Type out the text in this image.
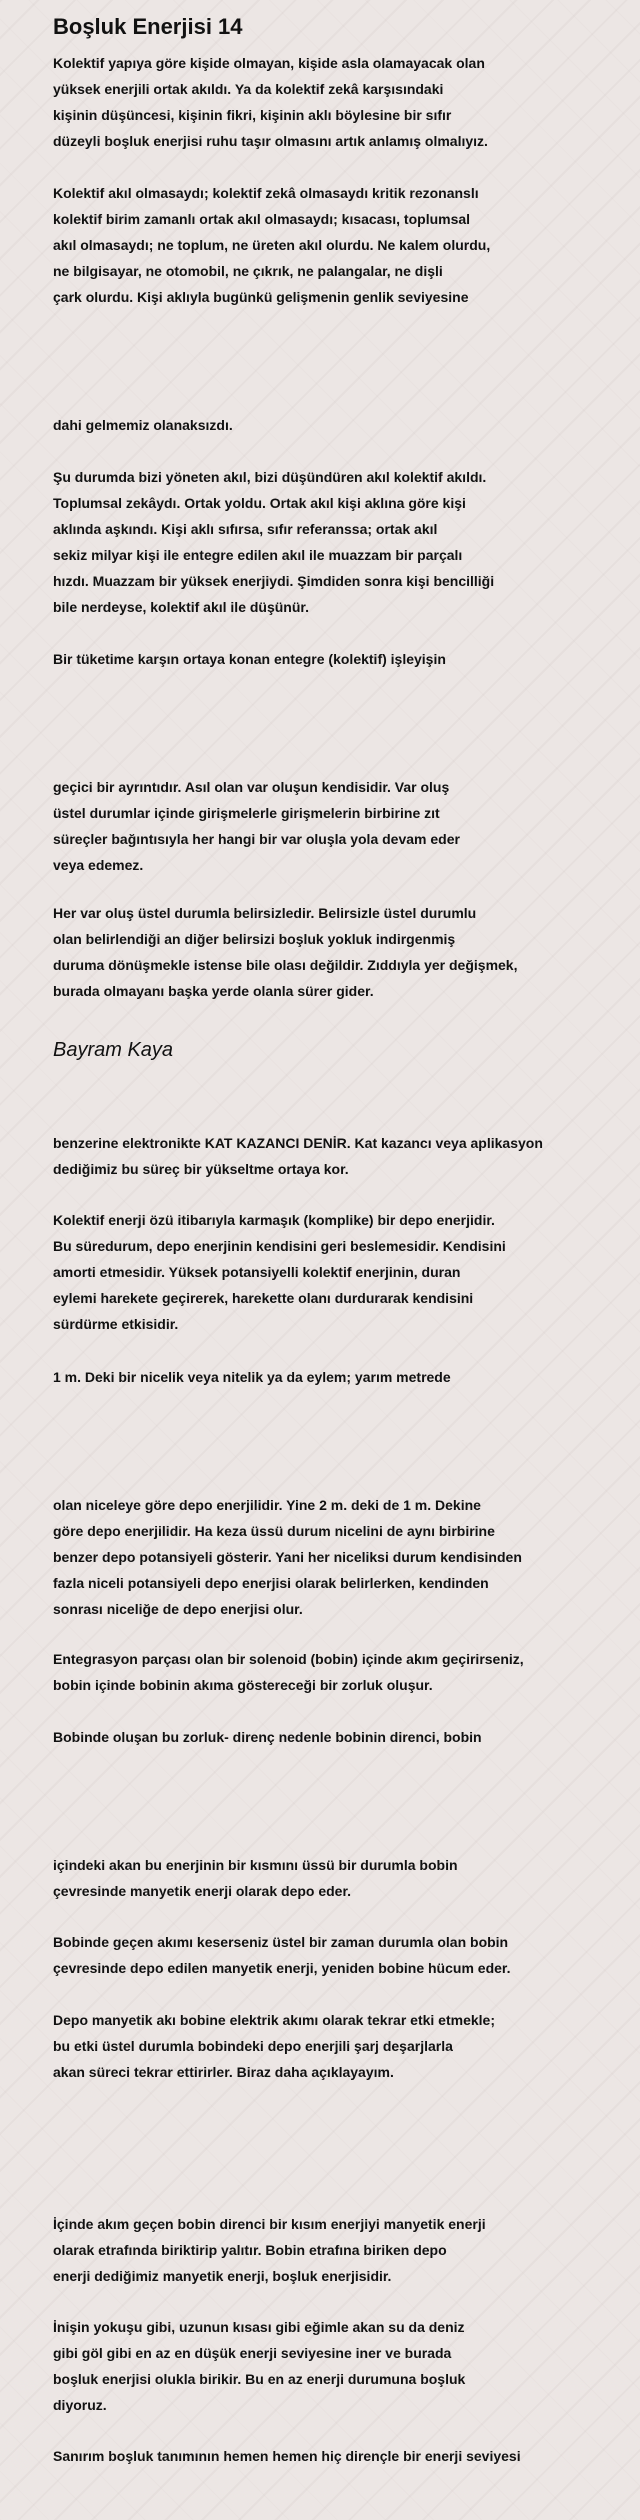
Boşluk Enerjisi 14

Kolektif yapıya göre kişide olmayan, kişide asla olamayacak olan
yüksek enerjili ortak akıldı. Ya da kolektif zekâ karşısındaki
kişinin düşüncesi, kişinin fikri, kişinin aklı böylesine bir sıfır
düzeyli boşluk enerjisi ruhu taşır olmasını artık anlamış olmalıyız.

Kolektif akıl olmasaydı; kolektif zekâ olmasaydı kritik rezonanslı
kolektif birim zamanlı ortak akıl olmasaydı; kısacası, toplumsal
akıl olmasaydı; ne toplum, ne üreten akıl olurdu. Ne kalem olurdu,
ne bilgisayar, ne otomobil, ne çıkrık, ne palangalar, ne dişli
çark olurdu. Kişi aklıyla bugünkü gelişmenin genlik seviyesine

dahi gelmemiz olanaksızdı.

Şu durumda bizi yöneten akıl, bizi düşündüren akıl kolektif akıldı.
Toplumsal zekâydı. Ortak yoldu. Ortak akıl kişi aklına göre kişi
aklında aşkındı. Kişi aklı sıfırsa, sıfır referanssa; ortak akıl
sekiz milyar kişi ile entegre edilen akıl ile muazzam bir parçalı
hızdı. Muazzam bir yüksek enerjiydi. Şimdiden sonra kişi bencilliği
bile nerdeyse, kolektif akıl ile düşünür.

Bir tüketime karşın ortaya konan entegre (kolektif) işleyişin

geçici bir ayrıntıdır. Asıl olan var oluşun kendisidir. Var oluş
üstel durumlar içinde girişmelerle girişmelerin birbirine zıt
süreçler bağıntısıyla her hangi bir var oluşla yola devam eder
veya edemez.

Her var oluş üstel durumla belirsizledir. Belirsizle üstel durumlu
olan belirlendiği an diğer belirsizi boşluk yokluk indirgenmiş
duruma dönüşmekle istense bile olası değildir. Zıddıyla yer değişmek,
burada olmayanı başka yerde olanla sürer gider.

Bayram Kaya

benzerine elektronikte KAT KAZANCI DENİR. Kat kazancı veya aplikasyon
dediğimiz bu süreç bir yükseltme ortaya kor.

Kolektif enerji özü itibarıyla karmaşık (komplike) bir depo enerjidir.
Bu süredurum, depo enerjinin kendisini geri beslemesidir. Kendisini
amorti etmesidir. Yüksek potansiyelli kolektif enerjinin, duran
eylemi harekete geçirerek, harekette olanı durdurarak kendisini
sürdürme etkisidir.

1 m. Deki bir nicelik veya nitelik ya da eylem; yarım metrede

olan niceleye göre depo enerjilidir. Yine 2 m. deki de 1 m. Dekine
göre depo enerjilidir. Ha keza üssü durum nicelini de aynı birbirine
benzer depo potansiyeli gösterir. Yani her niceliksi durum kendisinden
fazla niceli potansiyeli depo enerjisi olarak belirlerken, kendinden
sonrası niceliğe de depo enerjisi olur.

Entegrasyon parçası olan bir solenoid (bobin) içinde akım geçirirseniz,
bobin içinde bobinin akıma göstereceği bir zorluk oluşur.

Bobinde oluşan bu zorluk- direnç nedenle bobinin direnci, bobin

içindeki akan bu enerjinin bir kısmını üssü bir durumla bobin
çevresinde manyetik enerji olarak depo eder.

Bobinde geçen akımı keserseniz üstel bir zaman durumla olan bobin
çevresinde depo edilen manyetik enerji, yeniden bobine hücum eder.

Depo manyetik akı bobine elektrik akımı olarak tekrar etki etmekle;
bu etki üstel durumla bobindeki depo enerjili şarj deşarjlarla
akan süreci tekrar ettirirler. Biraz daha açıklayayım.

İçinde akım geçen bobin direnci bir kısım enerjiyi manyetik enerji
olarak etrafında biriktirip yalıtır. Bobin etrafına biriken depo
enerji dediğimiz manyetik enerji, boşluk enerjisidir.

İnişin yokuşu gibi, uzunun kısası gibi eğimle akan su da deniz
gibi göl gibi en az en düşük enerji seviyesine iner ve burada
boşluk enerjisi olukla birikir. Bu en az enerji durumuna boşluk
diyoruz.

Sanırım boşluk tanımının hemen hemen hiç dirençle bir enerji seviyesi
